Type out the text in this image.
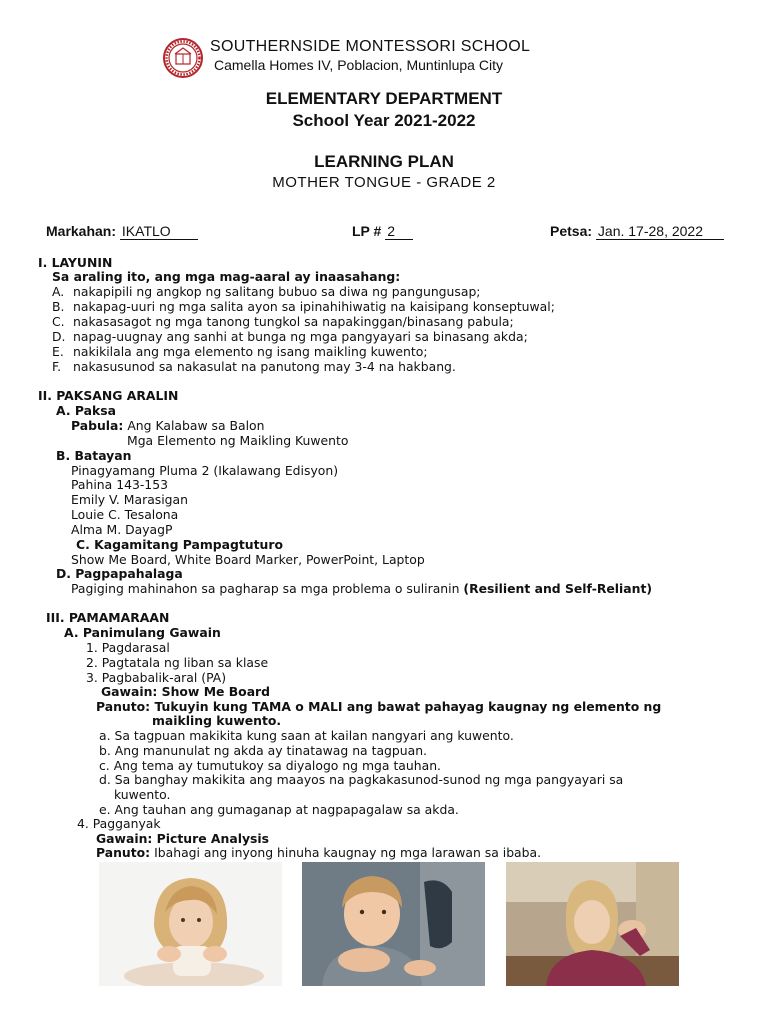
SOUTHERNSIDE MONTESSORI SCHOOL
Camella Homes IV, Poblacion, Muntinlupa City
ELEMENTARY DEPARTMENT
School Year 2021-2022
LEARNING PLAN
MOTHER TONGUE - GRADE 2
Markahan: IKATLO	LP # 2	Petsa: Jan. 17-28, 2022
I. LAYUNIN
Sa araling ito, ang mga mag-aaral ay inaasahang:
A. nakapipili ng angkop ng salitang bubuo sa diwa ng pangungusap;
B. nakapag-uuri ng mga salita ayon sa ipinahihiwatig na kaisipang konseptuwal;
C. nakasasagot ng mga tanong tungkol sa napakinggan/binasang pabula;
D. napag-uugnay ang sanhi at bunga ng mga pangyayari sa binasang akda;
E. nakikilala ang mga elemento ng isang maikling kuwento;
F. nakasusunod sa nakasulat na panutong may 3-4 na hakbang.
II. PAKSANG ARALIN
A. Paksa
Pabula: Ang Kalabaw sa Balon
Mga Elemento ng Maikling Kuwento
B. Batayan
Pinagyamang Pluma 2 (Ikalawang Edisyon)
Pahina 143-153
Emily V. Marasigan
Louie C. Tesalona
Alma M. DayagP
C. Kagamitang Pampagtuturo
Show Me Board, White Board Marker, PowerPoint, Laptop
D. Pagpapahalaga
Pagiging mahinahon sa pagharap sa mga problema o suliranin (Resilient and Self-Reliant)
III. PAMAMARAAN
A. Panimulang Gawain
1. Pagdarasal
2. Pagtatala ng liban sa klase
3. Pagbabalik-aral (PA)
Gawain: Show Me Board
Panuto: Tukuyin kung TAMA o MALI ang bawat pahayag kaugnay ng elemento ng
maikling kuwento.
a. Sa tagpuan makikita kung saan at kailan nangyari ang kuwento.
b. Ang manunulat ng akda ay tinatawag na tagpuan.
c. Ang tema ay tumutukoy sa diyalogo ng mga tauhan.
d. Sa banghay makikita ang maayos na pagkakasunod-sunod ng mga pangyayari sa
kuwento.
e. Ang tauhan ang gumaganap at nagpapagalaw sa akda.
4. Pagganyak
Gawain: Picture Analysis
Panuto: Ibahagi ang inyong hinuha kaugnay ng mga larawan sa ibaba.
